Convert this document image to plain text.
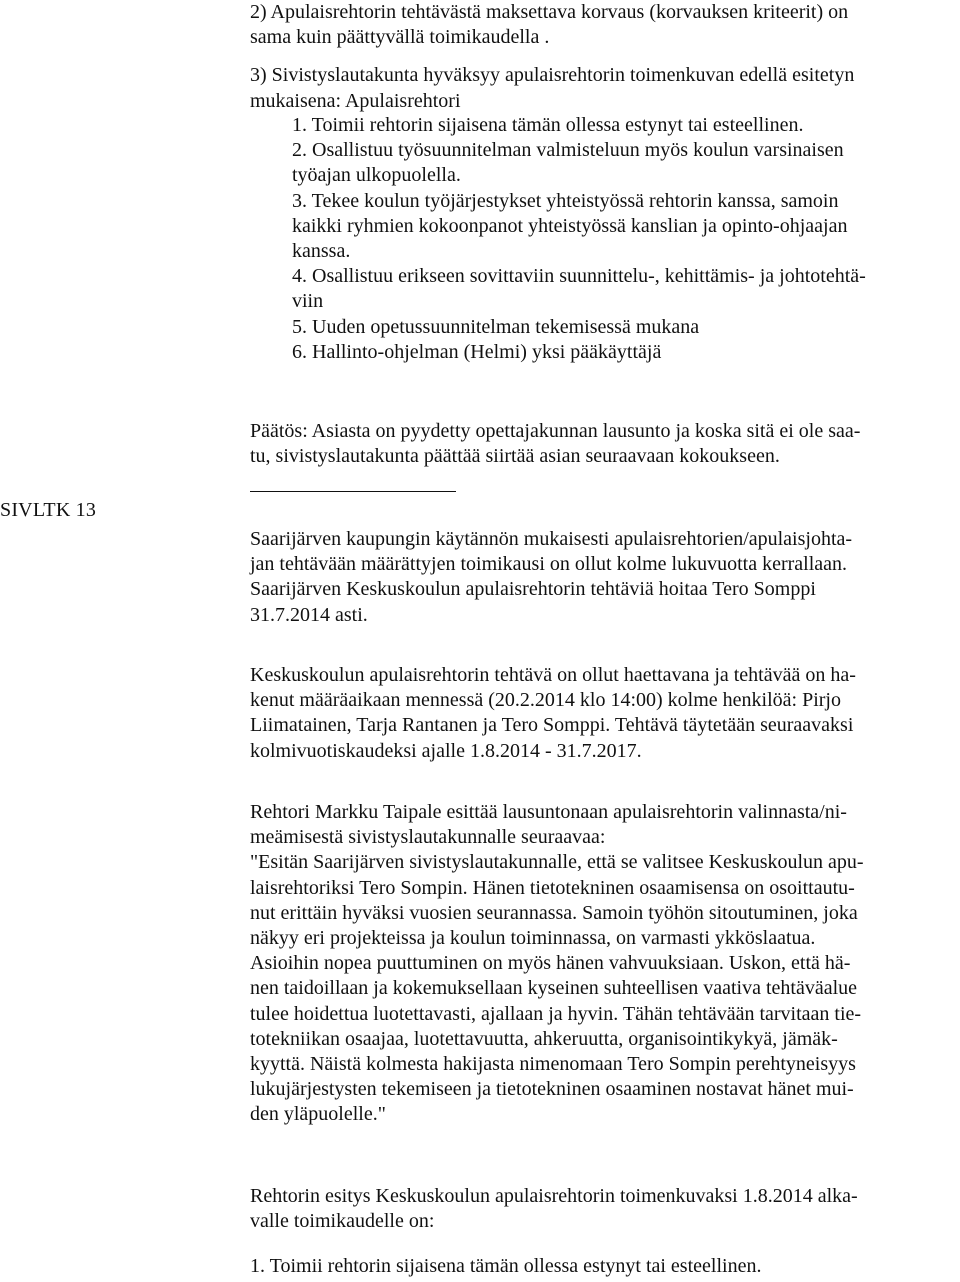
SIVLTK 13
2) Apulaisrehtorin tehtävästä maksettava korvaus (korvauksen kriteerit) on
sama kuin päättyvällä toimikaudella .
3) Sivistyslautakunta hyväksyy apulaisrehtorin toimenkuvan edellä esitetyn
mukaisena: Apulaisrehtori
1. Toimii rehtorin sijaisena tämän ollessa estynyt tai esteellinen.
2. Osallistuu työsuunnitelman valmisteluun myös koulun varsinaisen
työajan ulkopuolella.
3. Tekee koulun työjärjestykset yhteistyössä rehtorin kanssa, samoin
kaikki ryhmien kokoonpanot yhteistyössä kanslian ja opinto-ohjaajan
kanssa.
4. Osallistuu erikseen sovittaviin suunnittelu-, kehittämis- ja johtotehtä-
viin
5. Uuden opetussuunnitelman tekemisessä mukana
6. Hallinto-ohjelman (Helmi) yksi pääkäyttäjä
Päätös: Asiasta on pyydetty opettajakunnan lausunto ja koska sitä ei ole saa-
tu, sivistyslautakunta päättää siirtää asian seuraavaan kokoukseen.
Saarijärven kaupungin käytännön mukaisesti apulaisrehtorien/apulaisjohta-
jan tehtävään määrättyjen toimikausi on ollut kolme lukuvuotta kerrallaan.
Saarijärven Keskuskoulun apulaisrehtorin tehtäviä hoitaa Tero Somppi
31.7.2014 asti.
Keskuskoulun apulaisrehtorin tehtävä on ollut haettavana ja tehtävää on ha-
kenut määräaikaan mennessä (20.2.2014 klo 14:00) kolme henkilöä: Pirjo
Liimatainen, Tarja Rantanen ja Tero Somppi. Tehtävä täytetään seuraavaksi
kolmivuotiskaudeksi ajalle 1.8.2014 - 31.7.2017.
Rehtori Markku Taipale esittää lausuntonaan apulaisrehtorin valinnasta/ni-
meämisestä sivistyslautakunnalle seuraavaa:
"Esitän Saarijärven sivistyslautakunnalle, että se valitsee Keskuskoulun apu-
laisrehtoriksi Tero Sompin. Hänen tietotekninen osaamisensa on osoittautu-
nut erittäin hyväksi vuosien seurannassa. Samoin työhön sitoutuminen, joka
näkyy eri projekteissa ja koulun toiminnassa, on varmasti ykköslaatua.
Asioihin nopea puuttuminen on myös hänen vahvuuksiaan. Uskon, että hä-
nen taidoillaan ja kokemuksellaan kyseinen suhteellisen vaativa tehtäväalue
tulee hoidettua luotettavasti, ajallaan ja hyvin. Tähän tehtävään tarvitaan tie-
totekniikan osaajaa, luotettavuutta, ahkeruutta, organisointikykyä, jämäk-
kyyttä. Näistä kolmesta hakijasta nimenomaan Tero Sompin perehtyneisyys
lukujärjestysten tekemiseen ja tietotekninen osaaminen nostavat hänet mui-
den yläpuolelle."
Rehtorin esitys Keskuskoulun apulaisrehtorin toimenkuvaksi 1.8.2014 alka-
valle toimikaudelle on:
1. Toimii rehtorin sijaisena tämän ollessa estynyt tai esteellinen.
